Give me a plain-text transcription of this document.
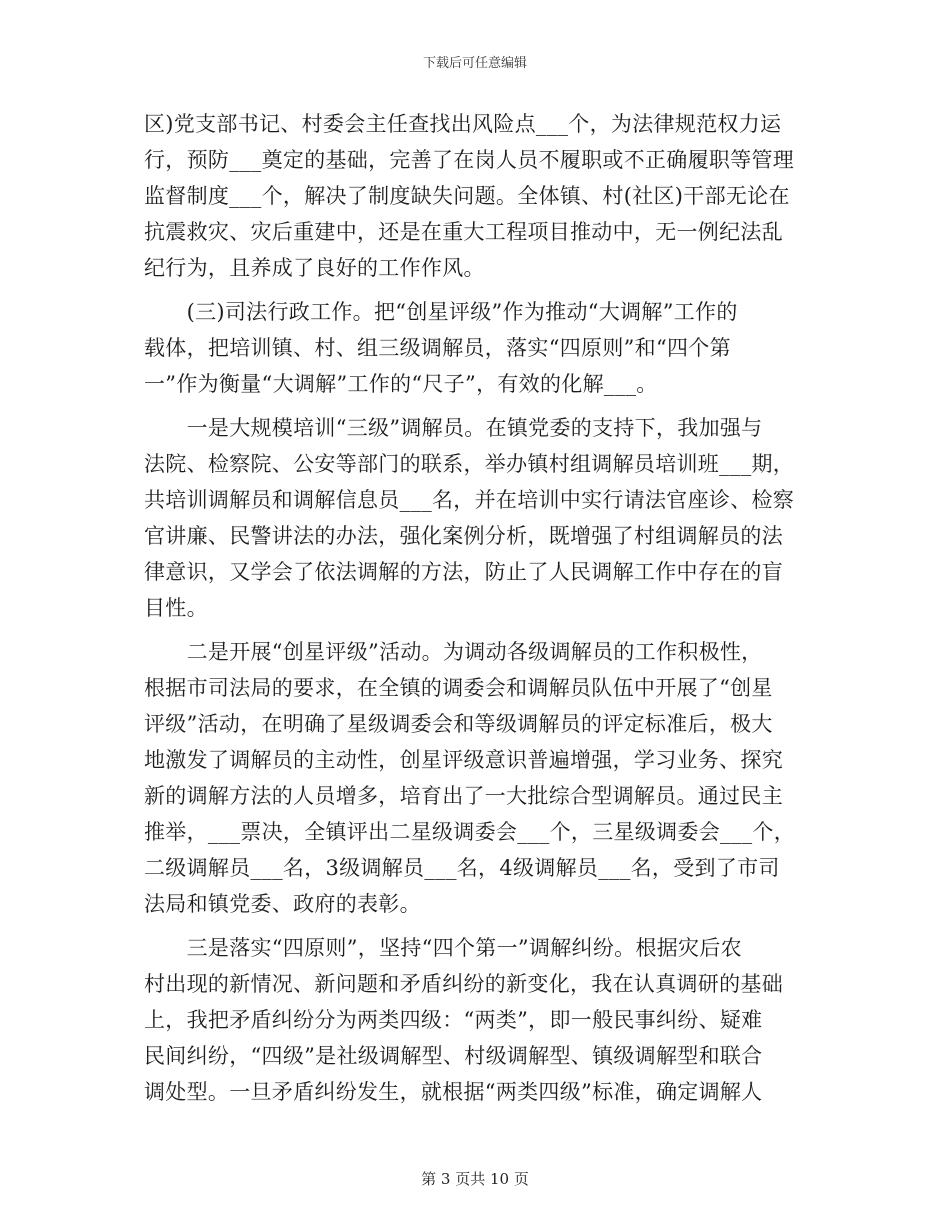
下载后可任意编辑
区)党支部书记、村委会主任查找出风险点___个，为法律规范权力运
行，预防___奠定的基础，完善了在岗人员不履职或不正确履职等管理
监督制度___个，解决了制度缺失问题。全体镇、村(社区)干部无论在
抗震救灾、灾后重建中，还是在重大工程项目推动中，无一例纪法乱
纪行为，且养成了良好的工作作风。
　　(三)司法行政工作。把“创星评级”作为推动“大调解”工作的
载体，把培训镇、村、组三级调解员，落实“四原则”和“四个第
一”作为衡量“大调解”工作的“尺子”，有效的化解___。
　　一是大规模培训“三级”调解员。在镇党委的支持下，我加强与
法院、检察院、公安等部门的联系，举办镇村组调解员培训班___期，
共培训调解员和调解信息员___名，并在培训中实行请法官座诊、检察
官讲廉、民警讲法的办法，强化案例分析，既增强了村组调解员的法
律意识，又学会了依法调解的方法，防止了人民调解工作中存在的盲
目性。
　　二是开展“创星评级”活动。为调动各级调解员的工作积极性，
根据市司法局的要求，在全镇的调委会和调解员队伍中开展了“创星
评级”活动，在明确了星级调委会和等级调解员的评定标准后，极大
地激发了调解员的主动性，创星评级意识普遍增强，学习业务、探究
新的调解方法的人员增多，培育出了一大批综合型调解员。通过民主
推举，___票决，全镇评出二星级调委会___个，三星级调委会___个，
二级调解员___名，3级调解员___名，4级调解员___名，受到了市司
法局和镇党委、政府的表彰。
　　三是落实“四原则”，坚持“四个第一”调解纠纷。根据灾后农
村出现的新情况、新问题和矛盾纠纷的新变化，我在认真调研的基础
上，我把矛盾纠纷分为两类四级：“两类”，即一般民事纠纷、疑难
民间纠纷，“四级”是社级调解型、村级调解型、镇级调解型和联合
调处型。一旦矛盾纠纷发生，就根据“两类四级”标准，确定调解人
第 3 页共 10 页
